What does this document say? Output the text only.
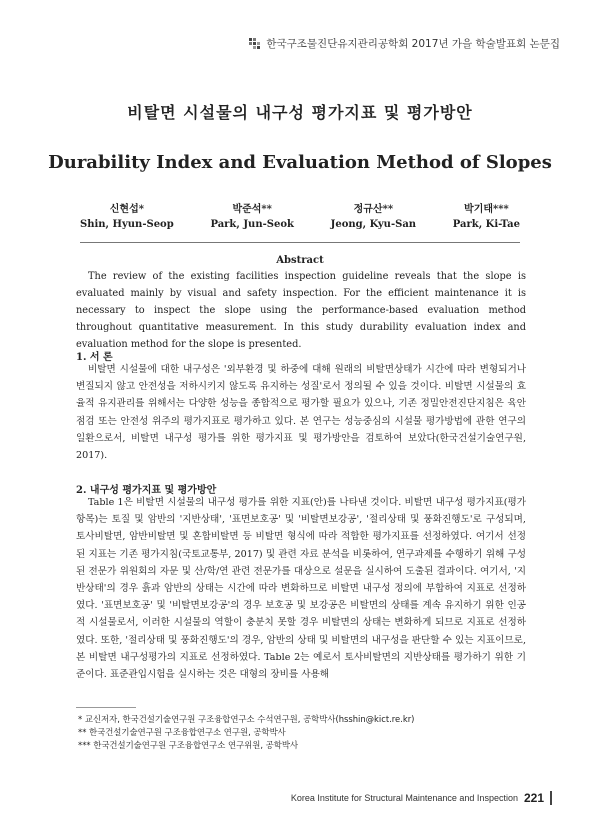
한국구조물진단유지관리공학회 2017년 가을 학술발표회 논문집
비탈면 시설물의 내구성 평가지표 및 평가방안
Durability Index and Evaluation Method of Slopes
신현섭*
Shin, Hyun-Seop
박준석**
Park, Jun-Seok
정규산**
Jeong, Kyu-San
박기태***
Park, Ki-Tae
Abstract
The review of the existing facilities inspection guideline reveals that the slope is evaluated mainly by visual and safety inspection. For the efficient maintenance it is necessary to inspect the slope using the performance-based evaluation method throughout quantitative measurement. In this study durability evaluation index and evaluation method for the slope is presented.
1. 서 론
비탈면 시설물에 대한 내구성은 '외부환경 및 하중에 대해 원래의 비탈면상태가 시간에 따라 변형되거나 변질되지 않고 안전성을 저하시키지 않도록 유지하는 성질'로서 정의될 수 있을 것이다. 비탈면 시설물의 효율적 유지관리를 위해서는 다양한 성능을 종합적으로 평가할 필요가 있으나, 기존 정밀안전진단지침은 육안점검 또는 안전성 위주의 평가지표로 평가하고 있다. 본 연구는 성능중심의 시설물 평가방법에 관한 연구의 일환으로서, 비탈면 내구성 평가를 위한 평가지표 및 평가방안을 검토하여 보았다(한국건설기술연구원, 2017).
2. 내구성 평가지표 및 평가방안
Table 1은 비탈면 시설물의 내구성 평가를 위한 지표(안)를 나타낸 것이다. 비탈면 내구성 평가지표(평가항목)는 토질 및 암반의 '지반상태', '표면보호공' 및 '비탈면보강공', '절리상태 및 풍화진행도'로 구성되며, 토사비탈면, 암반비탈면 및 혼합비탈면 등 비탈면 형식에 따라 적합한 평가지표를 선정하였다. 여기서 선정된 지표는 기존 평가지침(국토교통부, 2017) 및 관련 자료 분석을 비롯하여, 연구과제를 수행하기 위해 구성된 전문가 위원회의 자문 및 산/학/연 관련 전문가를 대상으로 설문을 실시하여 도출된 결과이다. 여기서, '지반상태'의 경우 흙과 암반의 상태는 시간에 따라 변화하므로 비탈면 내구성 정의에 부합하여 지표로 선정하였다. '표면보호공' 및 '비탈면보강공'의 경우 보호공 및 보강공은 비탈면의 상태를 계속 유지하기 위한 인공적 시설물로서, 이러한 시설물의 역할이 충분치 못할 경우 비탈면의 상태는 변화하게 되므로 지표로 선정하였다. 또한, '절리상태 및 풍화진행도'의 경우, 암반의 상태 및 비탈면의 내구성을 판단할 수 있는 지표이므로, 본 비탈면 내구성평가의 지표로 선정하였다. Table 2는 예로서 토사비탈면의 지반상태를 평가하기 위한 기준이다. 표준관입시험을 실시하는 것은 대형의 장비를 사용해
* 교신저자, 한국건설기술연구원 구조융합연구소 수석연구원, 공학박사(hsshin@kict.re.kr)
** 한국건설기술연구원 구조융합연구소 연구원, 공학박사
*** 한국건설기술연구원 구조융합연구소 연구위원, 공학박사
Korea Institute for Structural Maintenance and Inspection 221
